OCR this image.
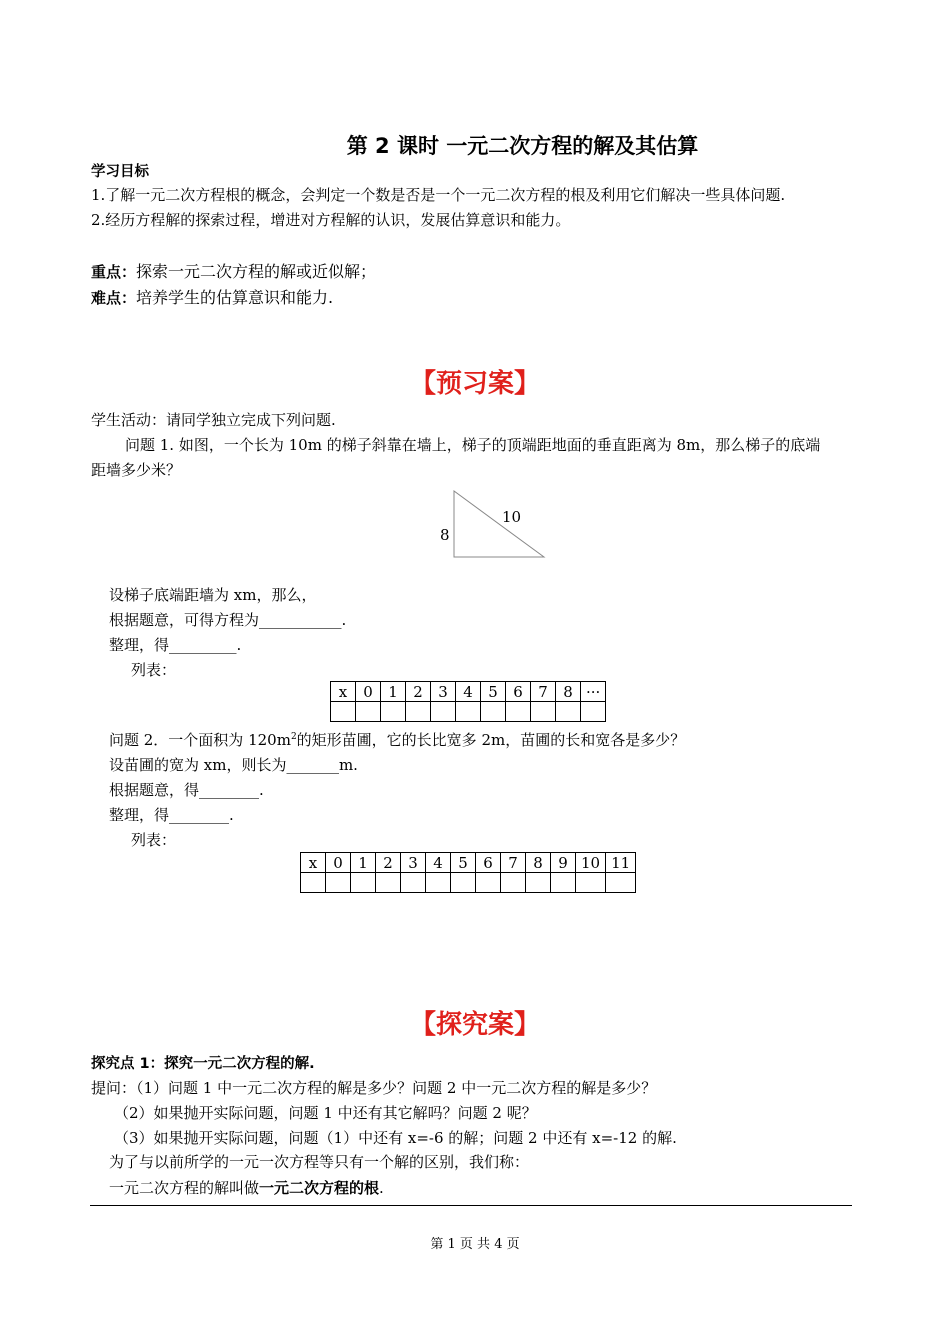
第 2 课时 一元二次方程的解及其估算
学习目标
1.了解一元二次方程根的概念，会判定一个数是否是一个一元二次方程的根及利用它们解决一些具体问题.
2.经历方程解的探索过程，增进对方程解的认识，发展估算意识和能力。
重点：探索一元二次方程的解或近似解；
难点：培养学生的估算意识和能力.
【预习案】
学生活动：请同学独立完成下列问题.
问题 1. 如图，一个长为 10m 的梯子斜靠在墙上，梯子的顶端距地面的垂直距离为 8m，那么梯子的底端
距墙多少米？
10
8
设梯子底端距墙为 xm，那么，
根据题意，可得方程为___________.
整理，得_________.
列表：
x	0	1	2	3	4	5	6	7	8	···

问题 2．一个面积为 $120m^2$的矩形苗圃，它的长比宽多 2m，苗圃的长和宽各是多少？
设苗圃的宽为 xm，则长为_______m.
根据题意，得________.
整理，得________.
列表：
x	0	1	2	3	4	5	6	7	8	9	10	11

【探究案】
探究点 1：探究一元二次方程的解.
提问：（1）问题 1 中一元二次方程的解是多少？问题 2 中一元二次方程的解是多少？
（2）如果抛开实际问题，问题 1 中还有其它解吗？问题 2 呢？
（3）如果抛开实际问题，问题（1）中还有 x=-6 的解；问题 2 中还有 x=-12 的解.
为了与以前所学的一元一次方程等只有一个解的区别，我们称：
一元二次方程的解叫做一元二次方程的根.
第 1 页 共 4 页
